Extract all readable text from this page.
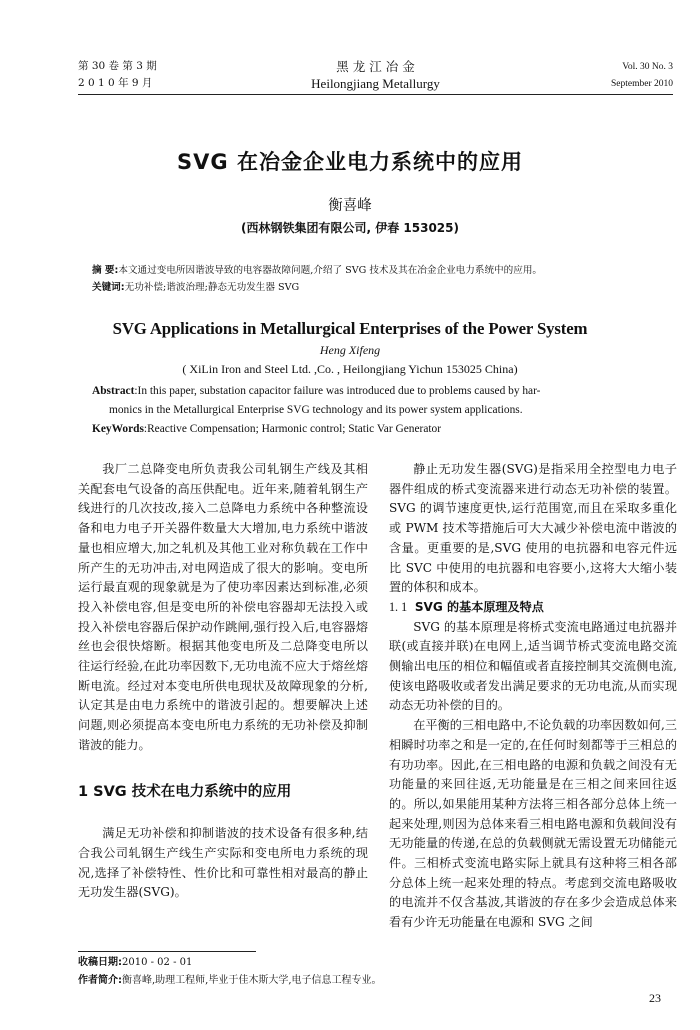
第 30 卷 第 3 期
2 0 1 0 年 9 月
黑 龙 江 冶 金
Heilongjiang Metallurgy
Vol. 30 No. 3
September 2010
SVG 在冶金企业电力系统中的应用
衡喜峰
(西林钢铁集团有限公司, 伊春 153025)
摘 要:本文通过变电所因谐波导致的电容器故障问题,介绍了 SVG 技术及其在冶金企业电力系统中的应用。
关键词:无功补偿;谐波治理;静态无功发生器 SVG
SVG Applications in Metallurgical Enterprises of the Power System
Heng Xifeng
( XiLin Iron and Steel Ltd. ,Co. , Heilongjiang Yichun 153025 China)
Abstract:In this paper, substation capacitor failure was introduced due to problems caused by har-
monics in the Metallurgical Enterprise SVG technology and its power system applications.
KeyWords:Reactive Compensation; Harmonic control; Static Var Generator

我厂二总降变电所负责我公司轧钢生产线及其相关配套电气设备的高压供配电。近年来,随着轧钢生产线进行的几次技改,接入二总降电力系统中各种整流设备和电力电子开关器件数量大大增加,电力系统中谐波量也相应增大,加之轧机及其他工业对称负载在工作中所产生的无功冲击,对电网造成了很大的影响。变电所运行最直观的现象就是为了使功率因素达到标准,必须投入补偿电容,但是变电所的补偿电容器却无法投入或投入补偿电容器后保护动作跳闸,强行投入后,电容器熔丝也会很快熔断。根据其他变电所及二总降变电所以往运行经验,在此功率因数下,无功电流不应大于熔丝熔断电流。经过对本变电所供电现状及故障现象的分析,认定其是由电力系统中的谐波引起的。想要解决上述问题,则必须提高本变电所电力系统的无功补偿及抑制谐波的能力。

1 SVG 技术在电力系统中的应用

满足无功补偿和抑制谐波的技术设备有很多种,结合我公司轧钢生产线生产实际和变电所电力系统的现况,选择了补偿特性、性价比和可靠性相对最高的静止无功发生器(SVG)。

静止无功发生器(SVG)是指采用全控型电力电子器件组成的桥式变流器来进行动态无功补偿的装置。SVG 的调节速度更快,运行范围宽,而且在采取多重化或 PWM 技术等措施后可大大减少补偿电流中谐波的含量。更重要的是,SVG 使用的电抗器和电容元件远比 SVC 中使用的电抗器和电容要小,这将大大缩小装置的体积和成本。

1. 1 SVG 的基本原理及特点

SVG 的基本原理是将桥式变流电路通过电抗器并联(或直接并联)在电网上,适当调节桥式变流电路交流侧输出电压的相位和幅值或者直接控制其交流侧电流,使该电路吸收或者发出满足要求的无功电流,从而实现动态无功补偿的目的。

在平衡的三相电路中,不论负载的功率因数如何,三相瞬时功率之和是一定的,在任何时刻都等于三相总的有功功率。因此,在三相电路的电源和负载之间没有无功能量的来回往返,无功能量是在三相之间来回往返的。所以,如果能用某种方法将三相各部分总体上统一起来处理,则因为总体来看三相电路电源和负载间没有无功能量的传递,在总的负载侧就无需设置无功储能元件。三相桥式变流电路实际上就具有这种将三相各部分总体上统一起来处理的特点。考虑到交流电路吸收的电流并不仅含基波,其谐波的存在多少会造成总体来看有少许无功能量在电源和 SVG 之间

收稿日期:2010 - 02 - 01
作者简介:衡喜峰,助理工程师,毕业于佳木斯大学,电子信息工程专业。
23
